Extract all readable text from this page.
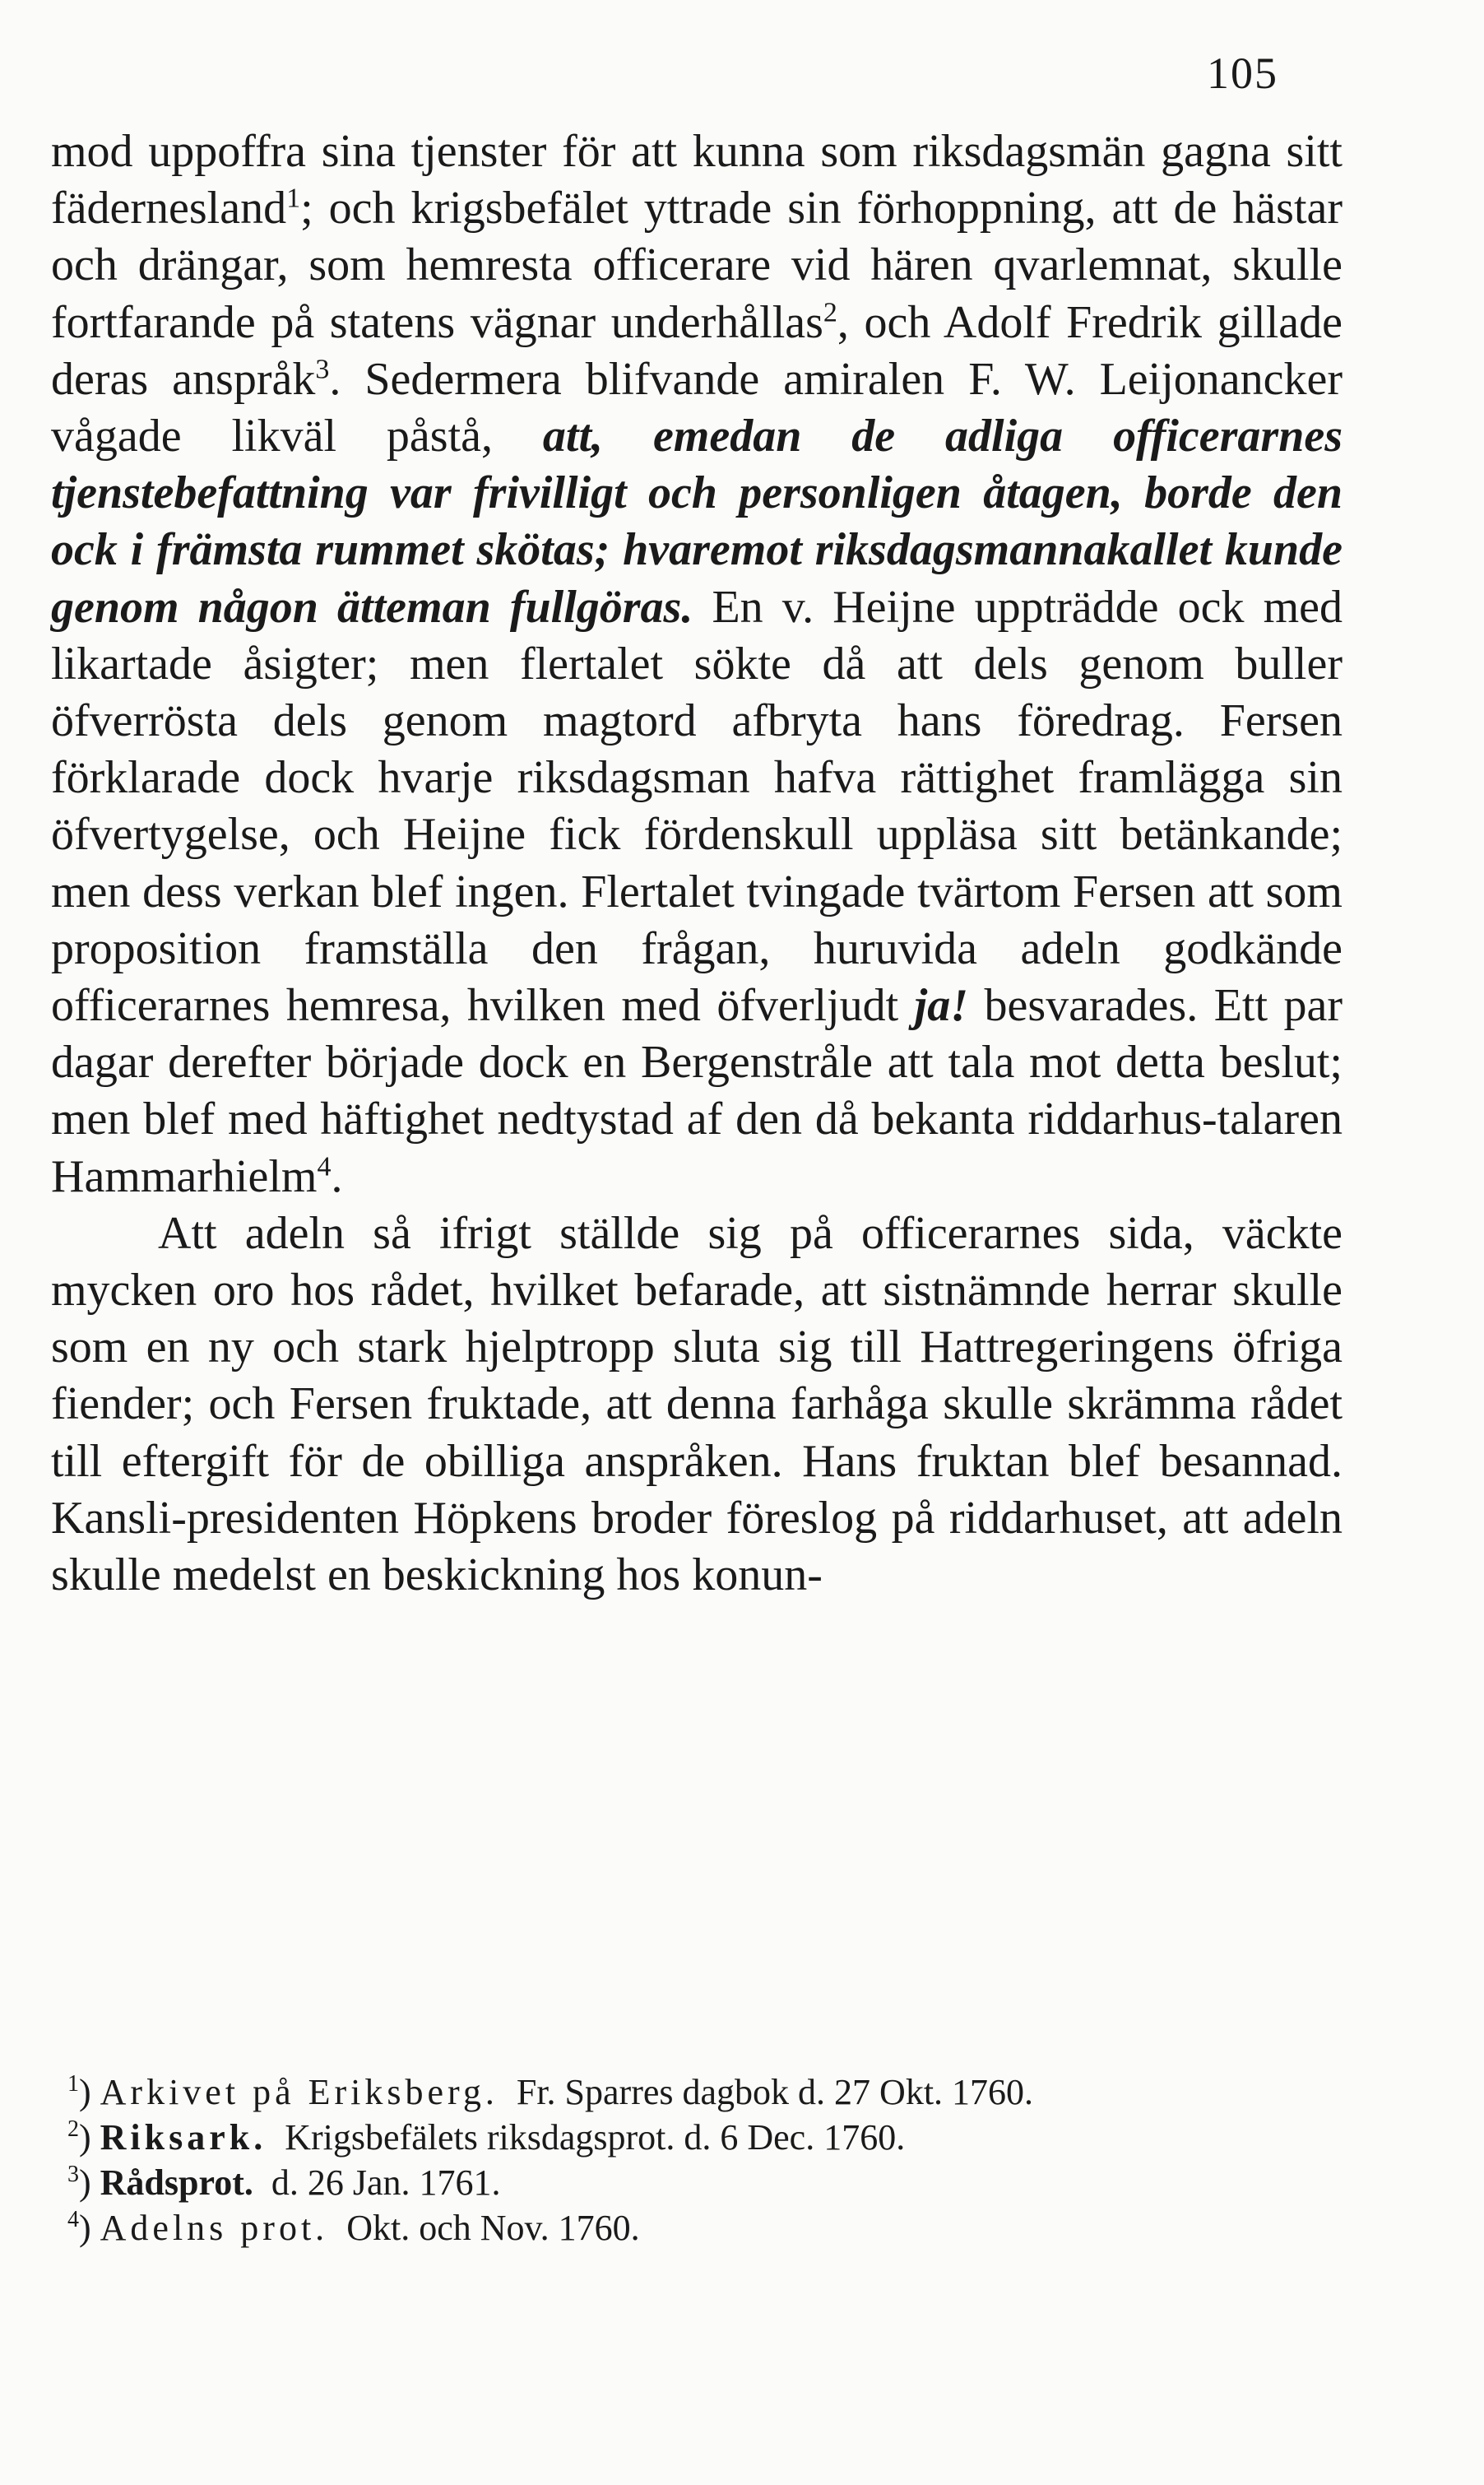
105

mod uppoffra sina tjenster för att kunna som riksdagsmän gagna sitt fädernesland$^1$; och krigsbefälet yttrade sin förhoppning, att de hästar och drängar, som hemresta officerare vid hären qvarlemnat, skulle fortfarande på statens vägnar underhållas$^2$, och Adolf Fredrik gillade deras anspråk$^3$. Sedermera blifvande amiralen F. W. Leijonancker vågade likväl påstå, att, emedan de adliga officerarnes tjenstebefattning var frivilligt och personligen åtagen, borde den ock i främsta rummet skötas; hvaremot riksdagsmannakallet kunde genom någon ätteman fullgöras. En v. Heijne uppträdde ock med likartade åsigter; men flertalet sökte då att dels genom buller öfverrösta dels genom magtord afbryta hans föredrag. Fersen förklarade dock hvarje riksdagsman hafva rättighet framlägga sin öfvertygelse, och Heijne fick fördenskull uppläsa sitt betänkande; men dess verkan blef ingen. Flertalet tvingade tvärtom Fersen att som proposition framställa den frågan, huruvida adeln godkände officerarnes hemresa, hvilken med öfverljudt ja! besvarades. Ett par dagar derefter började dock en Bergenstråle att tala mot detta beslut; men blef med häftighet nedtystad af den då bekanta riddarhus-talaren Hammarhielm$^4$.

Att adeln så ifrigt ställde sig på officerarnes sida, väckte mycken oro hos rådet, hvilket befarade, att sistnämnde herrar skulle som en ny och stark hjelptropp sluta sig till Hattregeringens öfriga fiender; och Fersen fruktade, att denna farhåga skulle skrämma rådet till eftergift för de obilliga anspråken. Hans fruktan blef besannad. Kansli-presidenten Höpkens broder föreslog på riddarhuset, att adeln skulle medelst en beskickning hos konun-

$^1$) Arkivet på Eriksberg. Fr. Sparres dagbok d. 27 Okt. 1760.

$^2$) Riksark. Krigsbefälets riksdagsprot. d. 6 Dec. 1760.

$^3$) Rådsprot. d. 26 Jan. 1761.

$^4$) Adelns prot. Okt. och Nov. 1760.
